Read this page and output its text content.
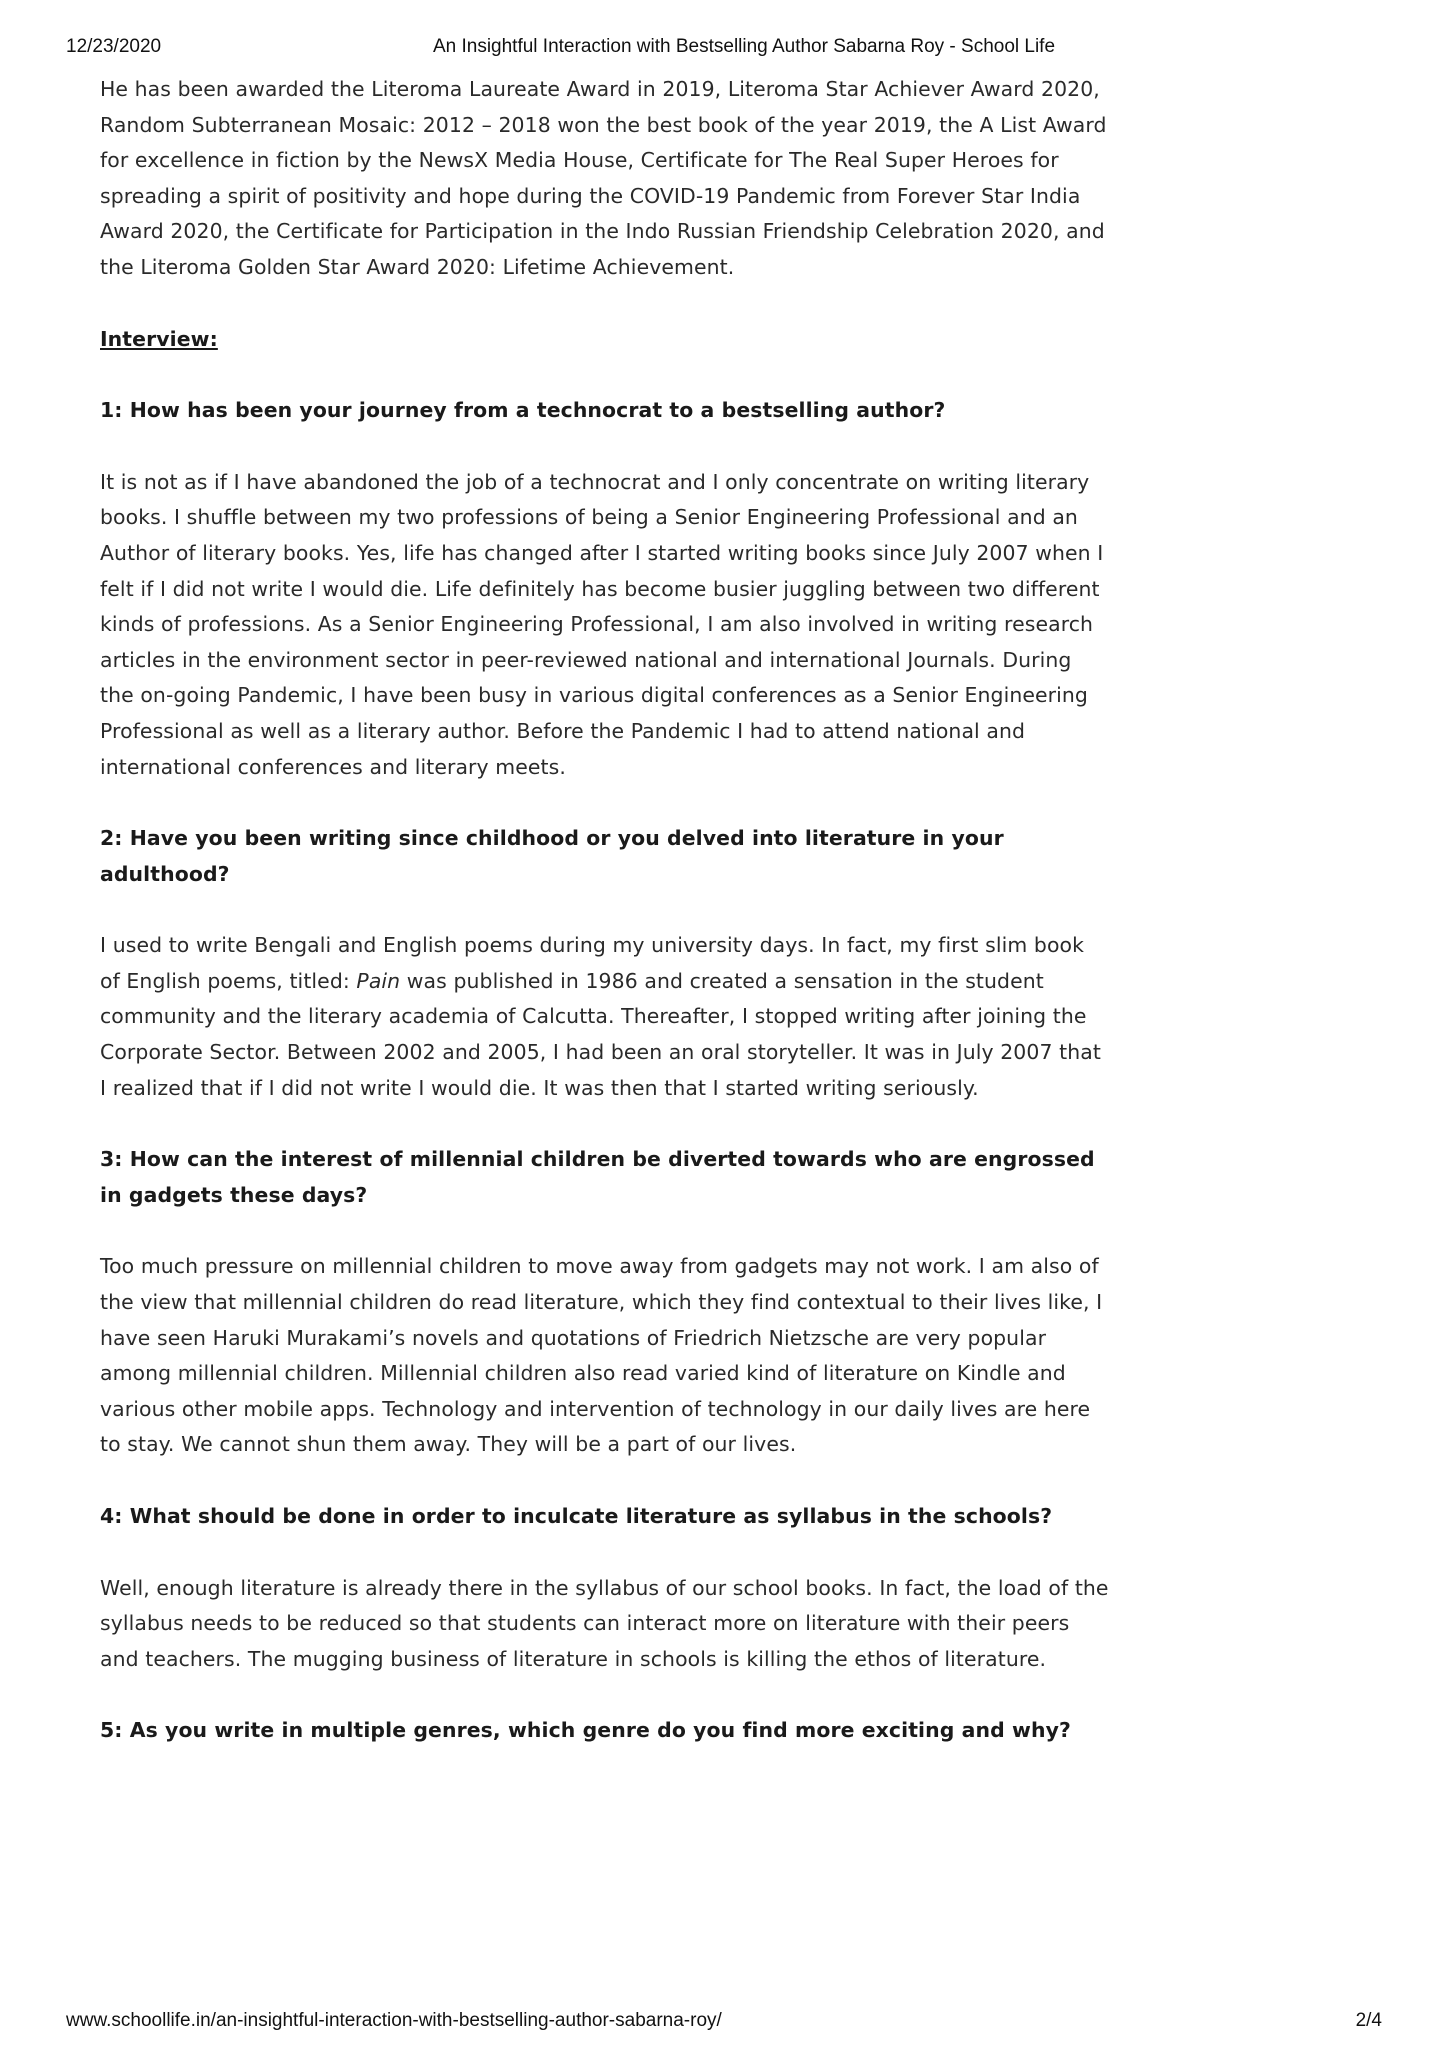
12/23/2020	An Insightful Interaction with Bestselling Author Sabarna Roy - School Life

He has been awarded the Literoma Laureate Award in 2019, Literoma Star Achiever Award 2020, Random Subterranean Mosaic: 2012 – 2018 won the best book of the year 2019, the A List Award for excellence in fiction by the NewsX Media House, Certificate for The Real Super Heroes for spreading a spirit of positivity and hope during the COVID-19 Pandemic from Forever Star India Award 2020, the Certificate for Participation in the Indo Russian Friendship Celebration 2020, and the Literoma Golden Star Award 2020: Lifetime Achievement.

Interview:

1: How has been your journey from a technocrat to a bestselling author?

It is not as if I have abandoned the job of a technocrat and I only concentrate on writing literary books. I shuffle between my two professions of being a Senior Engineering Professional and an Author of literary books. Yes, life has changed after I started writing books since July 2007 when I felt if I did not write I would die. Life definitely has become busier juggling between two different kinds of professions. As a Senior Engineering Professional, I am also involved in writing research articles in the environment sector in peer-reviewed national and international Journals. During the on-going Pandemic, I have been busy in various digital conferences as a Senior Engineering Professional as well as a literary author. Before the Pandemic I had to attend national and international conferences and literary meets.

2: Have you been writing since childhood or you delved into literature in your adulthood?

I used to write Bengali and English poems during my university days. In fact, my first slim book of English poems, titled: Pain was published in 1986 and created a sensation in the student community and the literary academia of Calcutta. Thereafter, I stopped writing after joining the Corporate Sector. Between 2002 and 2005, I had been an oral storyteller. It was in July 2007 that I realized that if I did not write I would die. It was then that I started writing seriously.

3: How can the interest of millennial children be diverted towards who are engrossed in gadgets these days?

Too much pressure on millennial children to move away from gadgets may not work. I am also of the view that millennial children do read literature, which they find contextual to their lives like, I have seen Haruki Murakami’s novels and quotations of Friedrich Nietzsche are very popular among millennial children. Millennial children also read varied kind of literature on Kindle and various other mobile apps. Technology and intervention of technology in our daily lives are here to stay. We cannot shun them away. They will be a part of our lives.

4: What should be done in order to inculcate literature as syllabus in the schools?

Well, enough literature is already there in the syllabus of our school books. In fact, the load of the syllabus needs to be reduced so that students can interact more on literature with their peers and teachers. The mugging business of literature in schools is killing the ethos of literature.

5: As you write in multiple genres, which genre do you find more exciting and why?

www.schoollife.in/an-insightful-interaction-with-bestselling-author-sabarna-roy/	2/4
